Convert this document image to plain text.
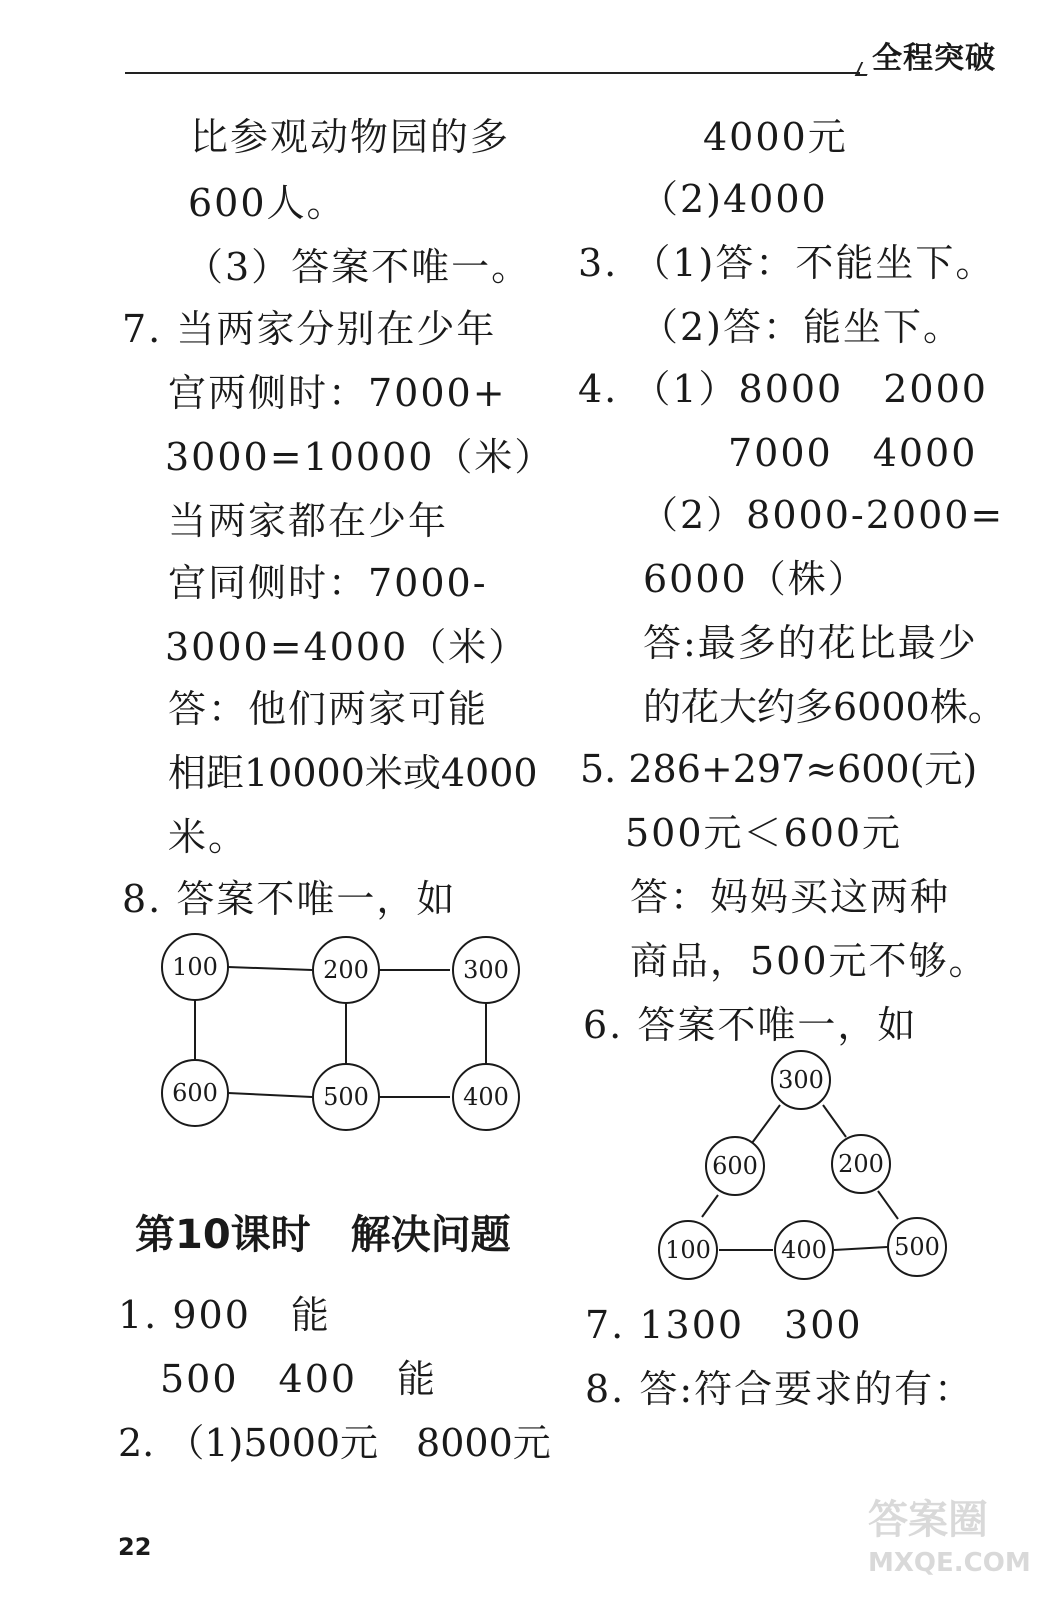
全程突破
比参观动物园的多
600人。
（3）答案不唯一。
7. 当两家分别在少年
宫两侧时：7000+
3000=10000（米）
当两家都在少年
宫同侧时：7000-
3000=4000（米）
答：他们两家可能
相距10000米或4000
米。
8. 答案不唯一，如
100	200	300
600	500	400
第10课时　解决问题
1. 900　能
500　400　能
2. （1)5000元　8000元
4000元
（2)4000
3. （1)答：不能坐下。
（2)答：能坐下。
4. （1）8000　2000
7000　4000
（2）8000-2000=
6000（株）
答:最多的花比最少
的花大约多6000株。
5. 286+297≈600(元)
500元＜600元
答：妈妈买这两种
商品，500元不够。
6. 答案不唯一，如
300
600	200
100	400	500
7. 1300　300
8. 答:符合要求的有：
22
答案圈
MXQE.COM
